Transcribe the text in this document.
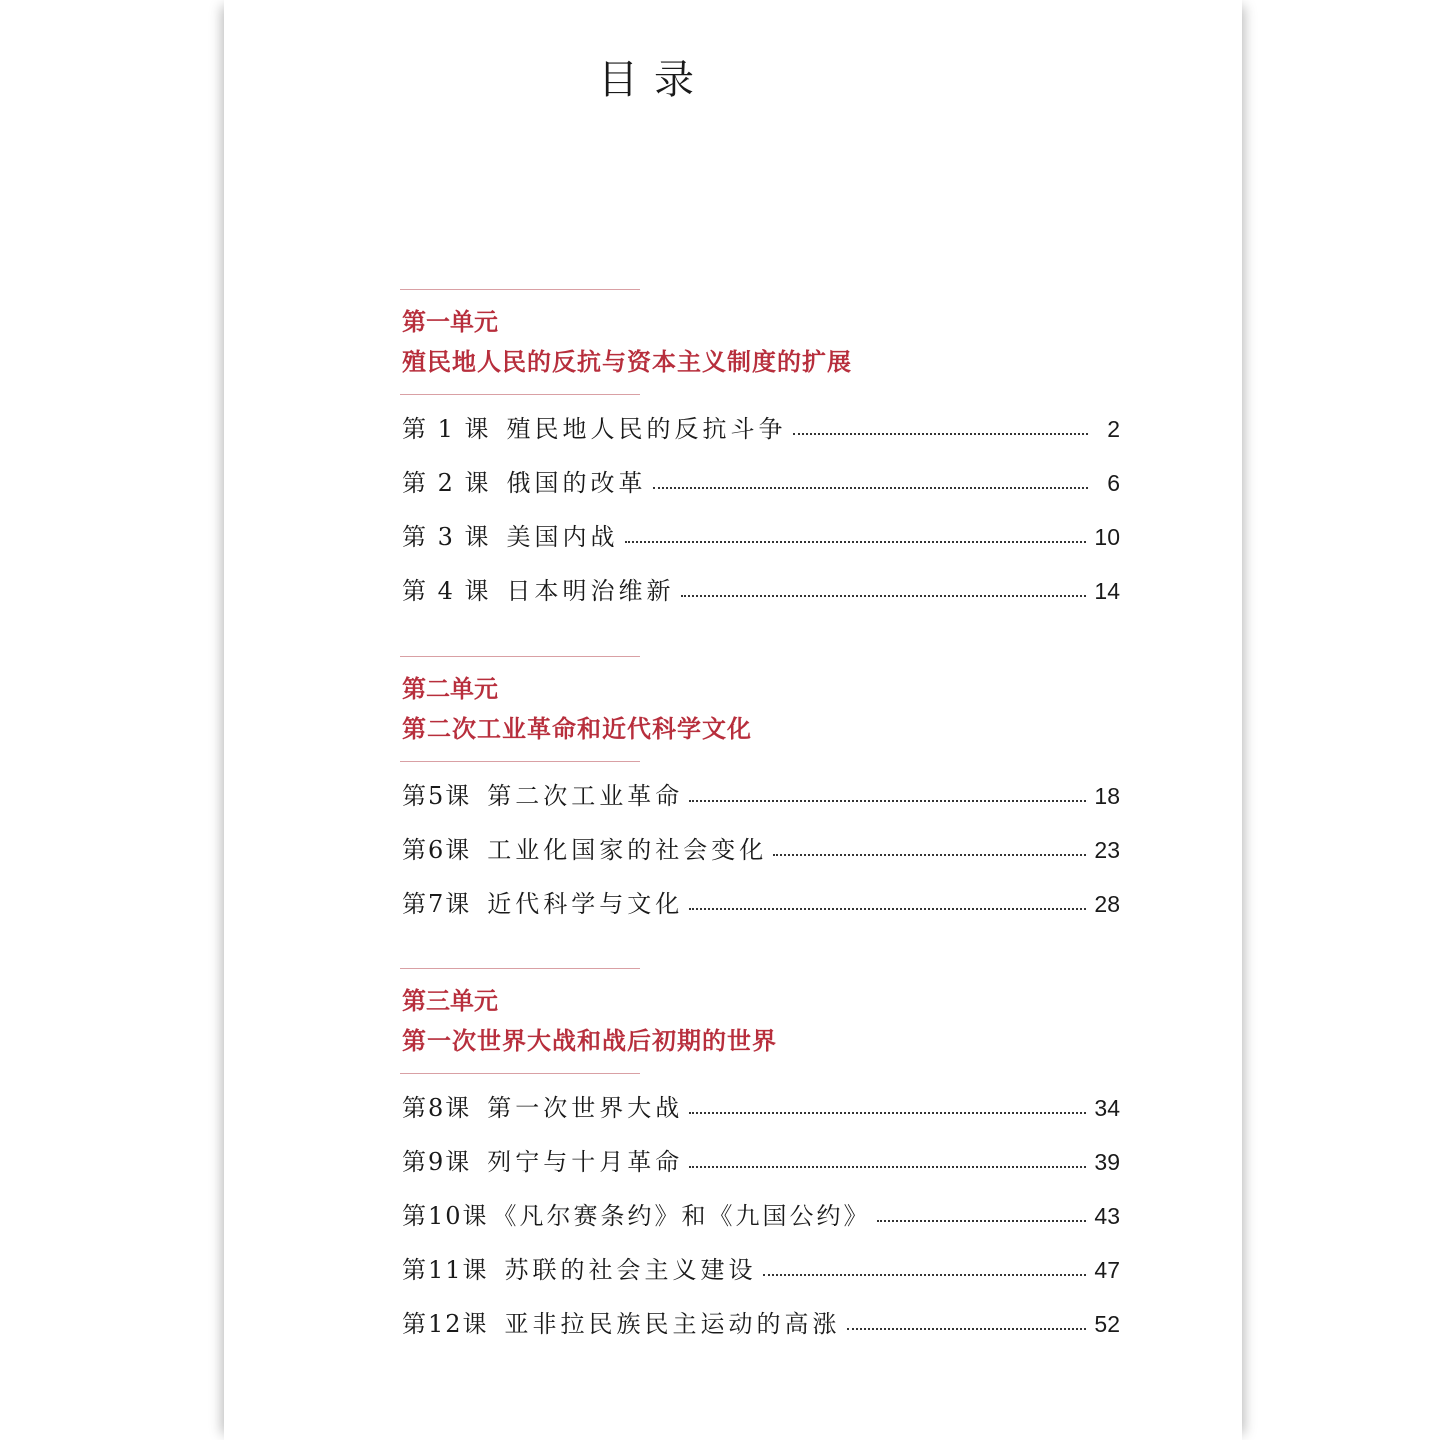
目录
第一单元
殖民地人民的反抗与资本主义制度的扩展
第 1 课 殖民地人民的反抗斗争	2
第 2 课 俄国的改革	6
第 3 课 美国内战	10
第 4 课 日本明治维新	14
第二单元
第二次工业革命和近代科学文化
第5课 第二次工业革命	18
第6课 工业化国家的社会变化	23
第7课 近代科学与文化	28
第三单元
第一次世界大战和战后初期的世界
第8课 第一次世界大战	34
第9课 列宁与十月革命	39
第10课 《凡尔赛条约》和《九国公约》	43
第11课 苏联的社会主义建设	47
第12课 亚非拉民族民主运动的高涨	52
